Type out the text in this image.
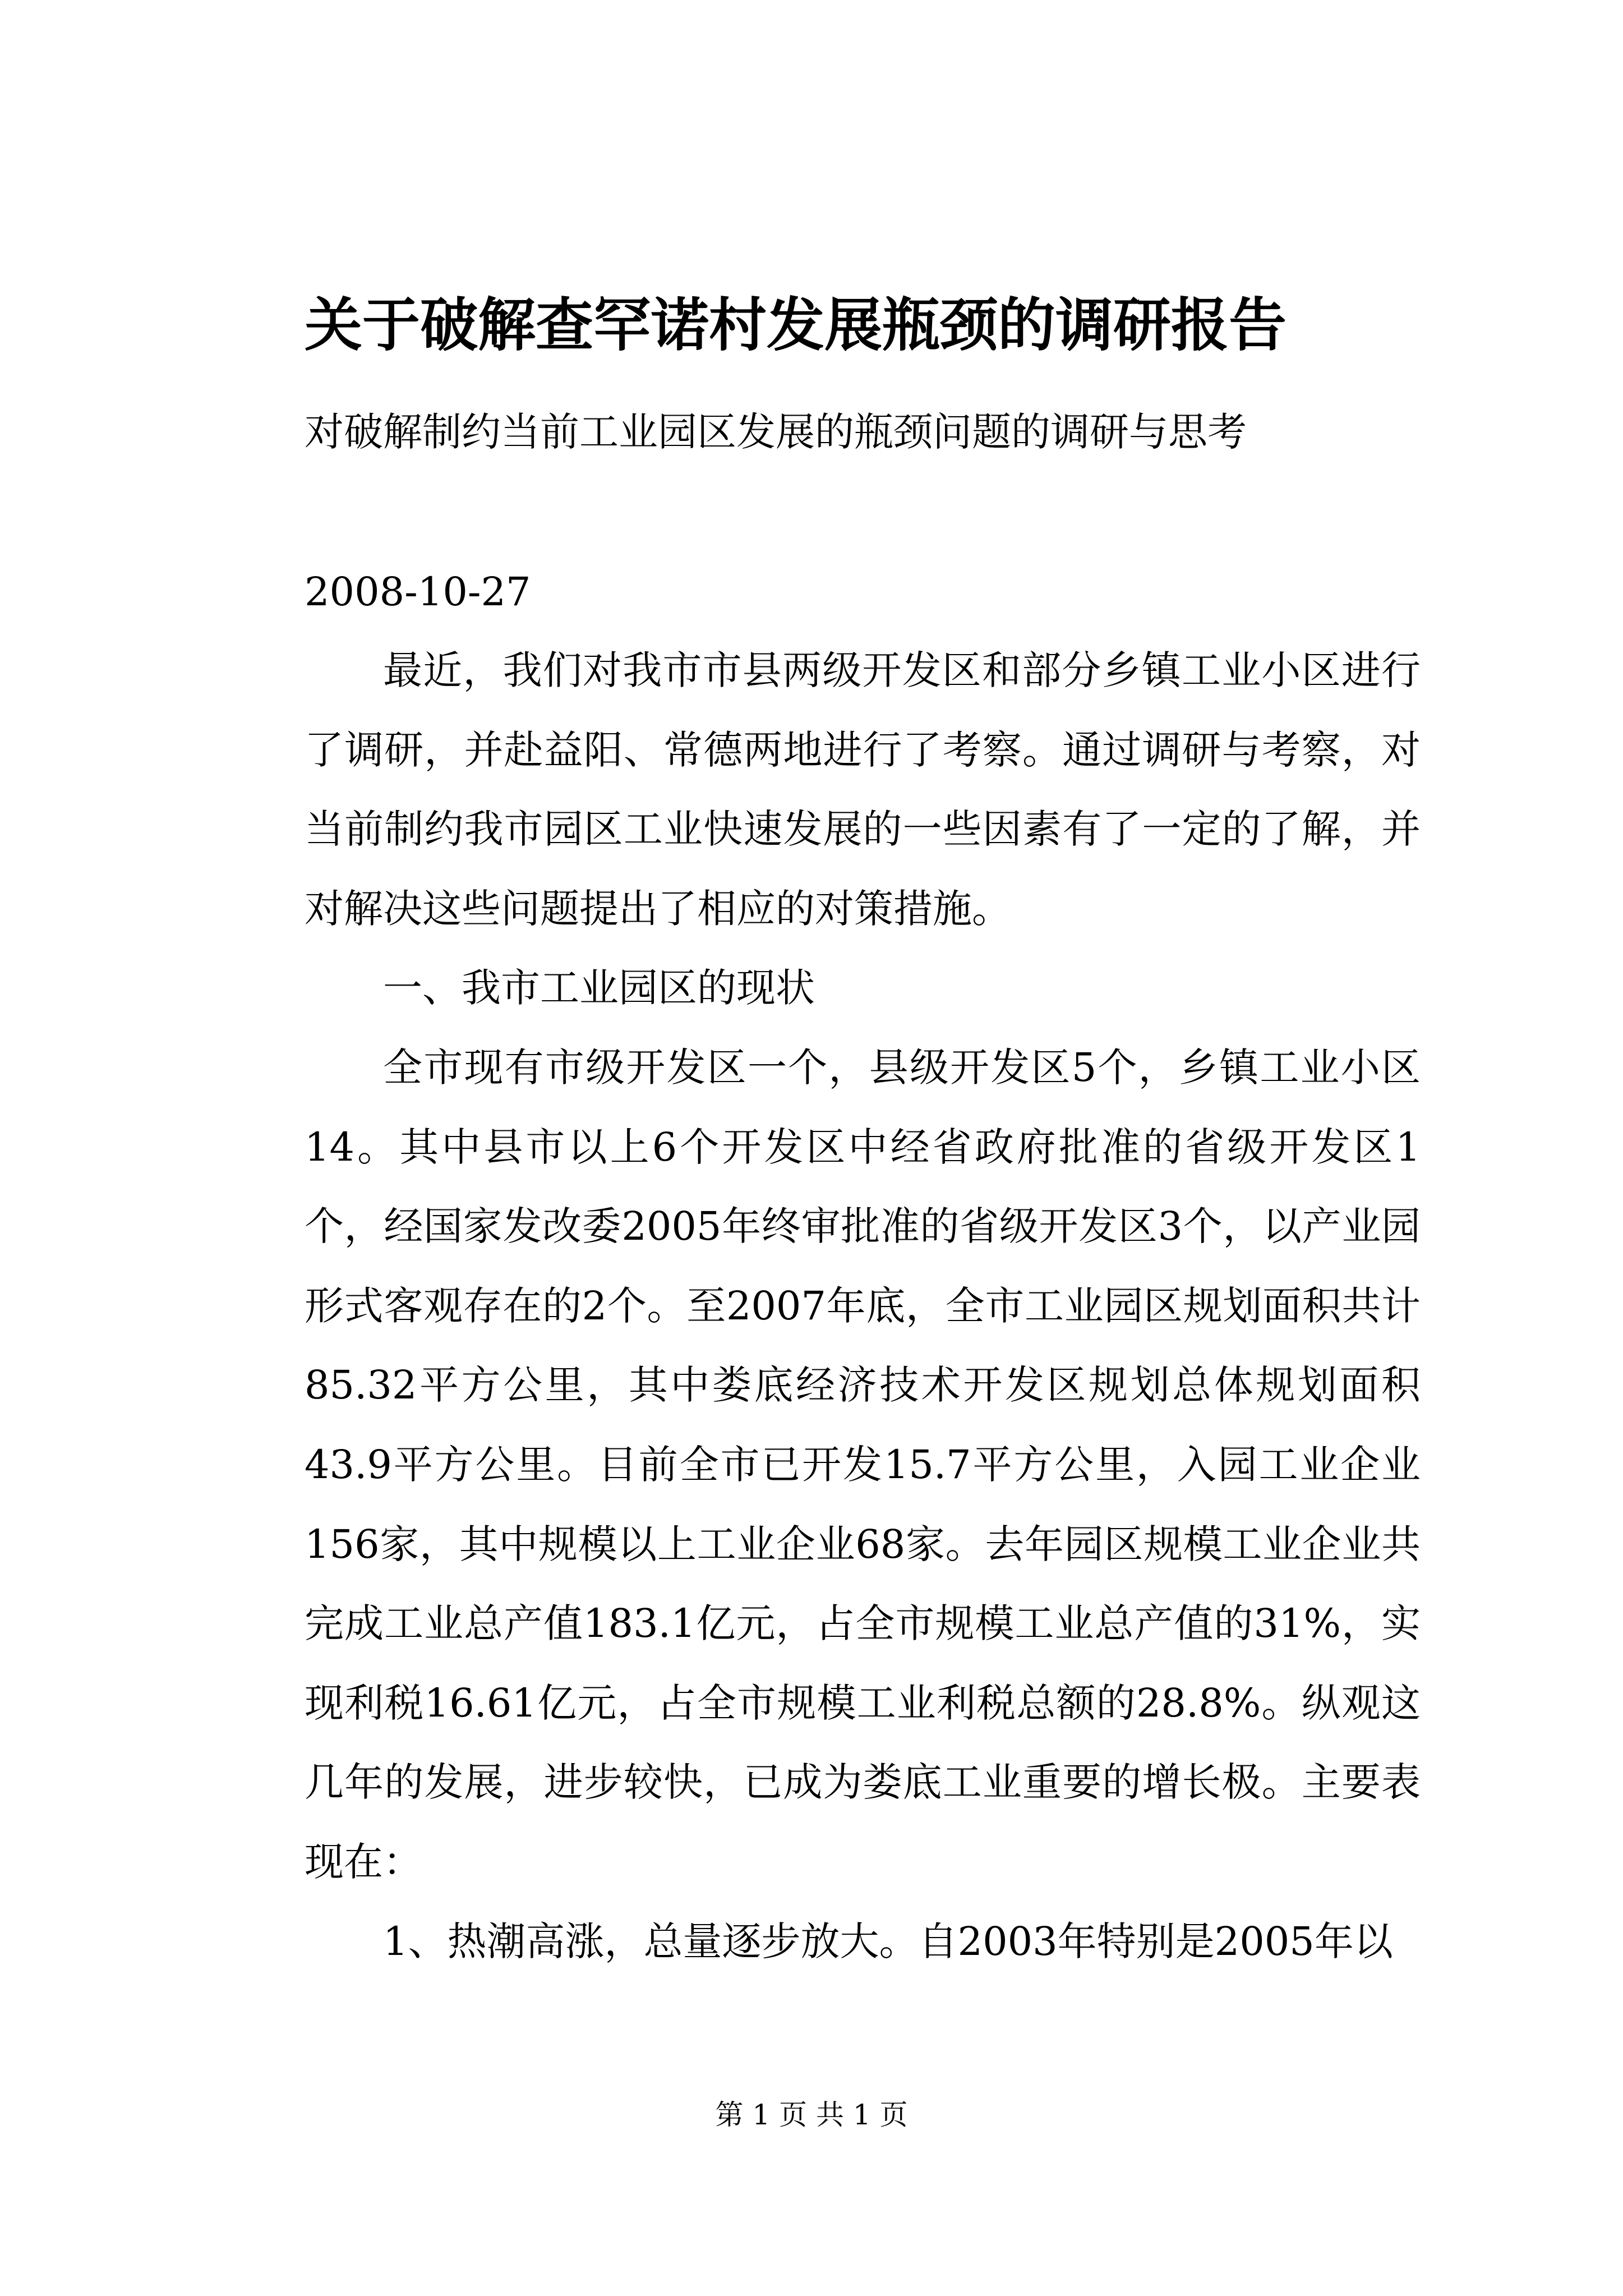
关于破解查罕诺村发展瓶颈的调研报告

对破解制约当前工业园区发展的瓶颈问题的调研与思考

2008-10-27

最近，我们对我市市县两级开发区和部分乡镇工业小区进行了调研，并赴益阳、常德两地进行了考察。通过调研与考察，对当前制约我市园区工业快速发展的一些因素有了一定的了解，并对解决这些问题提出了相应的对策措施。

一、我市工业园区的现状

全市现有市级开发区一个，县级开发区5个，乡镇工业小区14。其中县市以上6个开发区中经省政府批准的省级开发区1个，经国家发改委2005年终审批准的省级开发区3个，以产业园形式客观存在的2个。至2007年底，全市工业园区规划面积共计85.32平方公里，其中娄底经济技术开发区规划总体规划面积43.9平方公里。目前全市已开发15.7平方公里，入园工业企业156家，其中规模以上工业企业68家。去年园区规模工业企业共完成工业总产值183.1亿元，占全市规模工业总产值的31%，实现利税16.61亿元，占全市规模工业利税总额的28.8%。纵观这几年的发展，进步较快，已成为娄底工业重要的增长极。主要表现在：

1、热潮高涨，总量逐步放大。自2003年特别是2005年以

第 1 页 共 1 页
